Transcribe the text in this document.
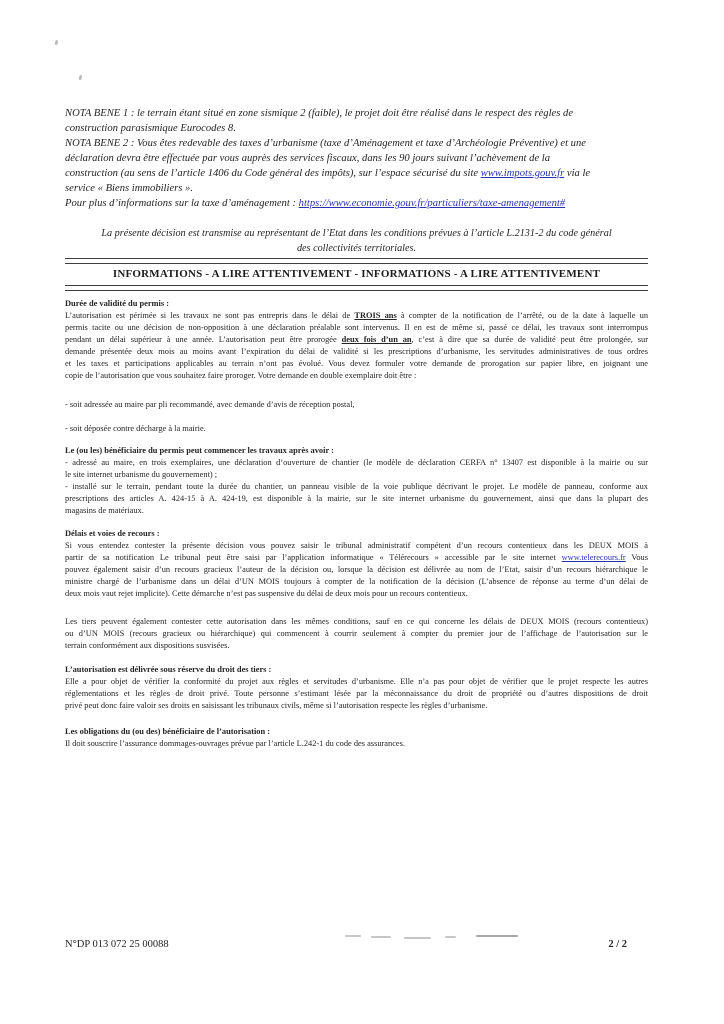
NOTA BENE 1 : le terrain étant situé en zone sismique 2 (faible), le projet doit être réalisé dans le respect des règles de
construction parasismique Eurocodes 8.
NOTA BENE 2 : Vous êtes redevable des taxes d’urbanisme (taxe d’Aménagement et taxe d’Archéologie Préventive) et une
déclaration devra être effectuée par vous auprès des services fiscaux, dans les 90 jours suivant l’achèvement de la
construction (au sens de l’article 1406 du Code général des impôts), sur l’espace sécurisé du site www.impots.gouv.fr via le
service « Biens immobiliers ».
Pour plus d’informations sur la taxe d’aménagement : https://www.economie.gouv.fr/particuliers/taxe-amenagement#
La présente décision est transmise au représentant de l’Etat dans les conditions prévues à l’article L.2131-2 du code général
des collectivités territoriales.
INFORMATIONS - A LIRE ATTENTIVEMENT - INFORMATIONS - A LIRE ATTENTIVEMENT
Durée de validité du permis :
L’autorisation est périmée si les travaux ne sont pas entrepris dans le délai de TROIS ans à compter de la notification de l’arrêté, ou de la date à laquelle un
permis tacite ou une décision de non-opposition à une déclaration préalable sont intervenus. Il en est de même si, passé ce délai, les travaux sont interrompus
pendant un délai supérieur à une année. L’autorisation peut être prorogée deux fois d’un an, c’est à dire que sa durée de validité peut être prolongée, sur
demande présentée deux mois au moins avant l’expiration du délai de validité si les prescriptions d’urbanisme, les servitudes administratives de tous ordres
et les taxes et participations applicables au terrain n’ont pas évolué. Vous devez formuler votre demande de prorogation sur papier libre, en joignant une
copie de l’autorisation que vous souhaitez faire proroger. Votre demande en double exemplaire doit être :
- soit adressée au maire par pli recommandé, avec demande d’avis de réception postal,
- soit déposée contre décharge à la mairie.
Le (ou les) bénéficiaire du permis peut commencer les travaux après avoir :
- adressé au maire, en trois exemplaires, une déclaration d’ouverture de chantier (le modèle de déclaration CERFA n° 13407 est disponible à la mairie ou sur
le site internet urbanisme du gouvernement) ;
- installé sur le terrain, pendant toute la durée du chantier, un panneau visible de la voie publique décrivant le projet. Le modèle de panneau, conforme aux
prescriptions des articles A. 424-15 à A. 424-19, est disponible à la mairie, sur le site internet urbanisme du gouvernement, ainsi que dans la plupart des
magasins de matériaux.
Délais et voies de recours :
Si vous entendez contester la présente décision vous pouvez saisir le tribunal administratif compétent d’un recours contentieux dans les DEUX MOIS à
partir de sa notification Le tribunal peut être saisi par l’application informatique « Télérecours » accessible par le site internet www.telerecours.fr Vous
pouvez également saisir d’un recours gracieux l’auteur de la décision ou, lorsque la décision est délivrée au nom de l’Etat, saisir d’un recours hiérarchique le
ministre chargé de l’urbanisme dans un délai d’UN MOIS toujours à compter de la notification de la décision (L’absence de réponse au terme d’un délai de
deux mois vaut rejet implicite). Cette démarche n’est pas suspensive du délai de deux mois pour un recours contentieux.
Les tiers peuvent également contester cette autorisation dans les mêmes conditions, sauf en ce qui concerne les délais de DEUX MOIS (recours contentieux)
ou d’UN MOIS (recours gracieux ou hiérarchique) qui commencent à courrir seulement à compter du premier jour de l’affichage de l’autorisation sur le
terrain conformément aux dispositions susvisées.
L’autorisation est délivrée sous réserve du droit des tiers :
Elle a pour objet de vérifier la conformité du projet aux règles et servitudes d’urbanisme. Elle n’a pas pour objet de vérifier que le projet respecte les autres
réglementations et les règles de droit privé. Toute personne s’estimant lésée par la méconnaissance du droit de propriété ou d’autres dispositions de droit
privé peut donc faire valoir ses droits en saisissant les tribunaux civils, même si l’autorisation respecte les règles d’urbanisme.
Les obligations du (ou des) bénéficiaire de l’autorisation :
Il doit souscrire l’assurance dommages-ouvrages prévue par l’article L.242-1 du code des assurances.
N°DP 013 072 25 00088	2 / 2
